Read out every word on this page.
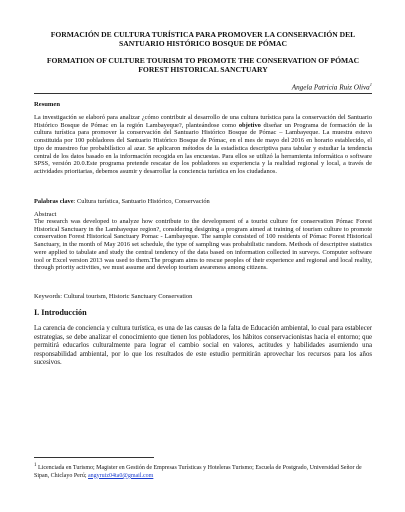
FORMACIÓN DE CULTURA TURÍSTICA PARA PROMOVER LA CONSERVACIÓN DEL SANTUARIO HISTÓRICO BOSQUE DE PÓMAC
FORMATION OF CULTURE TOURISM TO PROMOTE THE CONSERVATION OF PÓMAC FOREST HISTORICAL SANCTUARY
Angela Patricia Ruiz Oliva$^1$
Resumen
La investigación se elaboró para analizar ¿cómo contribuir al desarrollo de una cultura turística para la conservación del Santuario Histórico Bosque de Pómac en la región Lambayeque?, planteándose como objetivo diseñar un Programa de formación de la cultura turística para promover la conservación del Santuario Histórico Bosque de Pómac – Lambayeque. La muestra estuvo constituida por 100 pobladores del Santuario Histórico Bosque de Pómac, en el mes de mayo del 2016 en horario establecido, el tipo de muestreo fue probabilístico al azar. Se aplicaron métodos de la estadística descriptiva para tabular y estudiar la tendencia central de los datos basado en la información recogida en las encuestas. Para ellos se utilizó la herramienta informática o software SPSS, versión 20.0.Este programa pretende rescatar de los pobladores su experiencia y la realidad regional y local, a través de actividades prioritarias, debemos asumir y desarrollar la conciencia turística en los ciudadanos.
Palabras clave: Cultura turística, Santuario Histórico, Conservación
Abstract
The research was developed to analyze how contribute to the development of a tourist culture for conservation Pómac Forest Historical Sanctuary in the Lambayeque region?, considering designing a program aimed at training of tourism culture to promote conservation Forest Historical Sanctuary Pomac - Lambayeque. The sample consisted of 100 residents of Pómac Forest Historical Sanctuary, in the month of May 2016 set schedule, the type of sampling was probabilistic random. Methods of descriptive statistics were applied to tabulate and study the central tendency of the data based on information collected in surveys. Computer software tool or Excel version 2013 was used to them.The program aims to rescue peoples of their experience and regional and local reality, through priority activities, we must assume and develop tourism awareness among citizens.
Keywords: Cultural tourism, Historic Sanctuary Conservation
I. Introducción
La carencia de conciencia y cultura turística, es una de las causas de la falta de Educación ambiental, lo cual para establecer estrategias, se debe analizar el conocimiento que tienen los pobladores, los hábitos conservacionistas hacia el entorno; que permitirá educarlos culturalmente para lograr el cambio social en valores, actitudes y habilidades asumiendo una responsabilidad ambiental, por lo que los resultados de este estudio permitirán aprovechar los recursos para los años sucesivos.
$^1$ Licenciada en Turismo; Magister en Gestión de Empresas Turísticas y Hoteleras Turismo; Escuela de Postgrado, Universidad Señor de Sipan, Chiclayo Perú; angyruiz04ta0@gmail.com
